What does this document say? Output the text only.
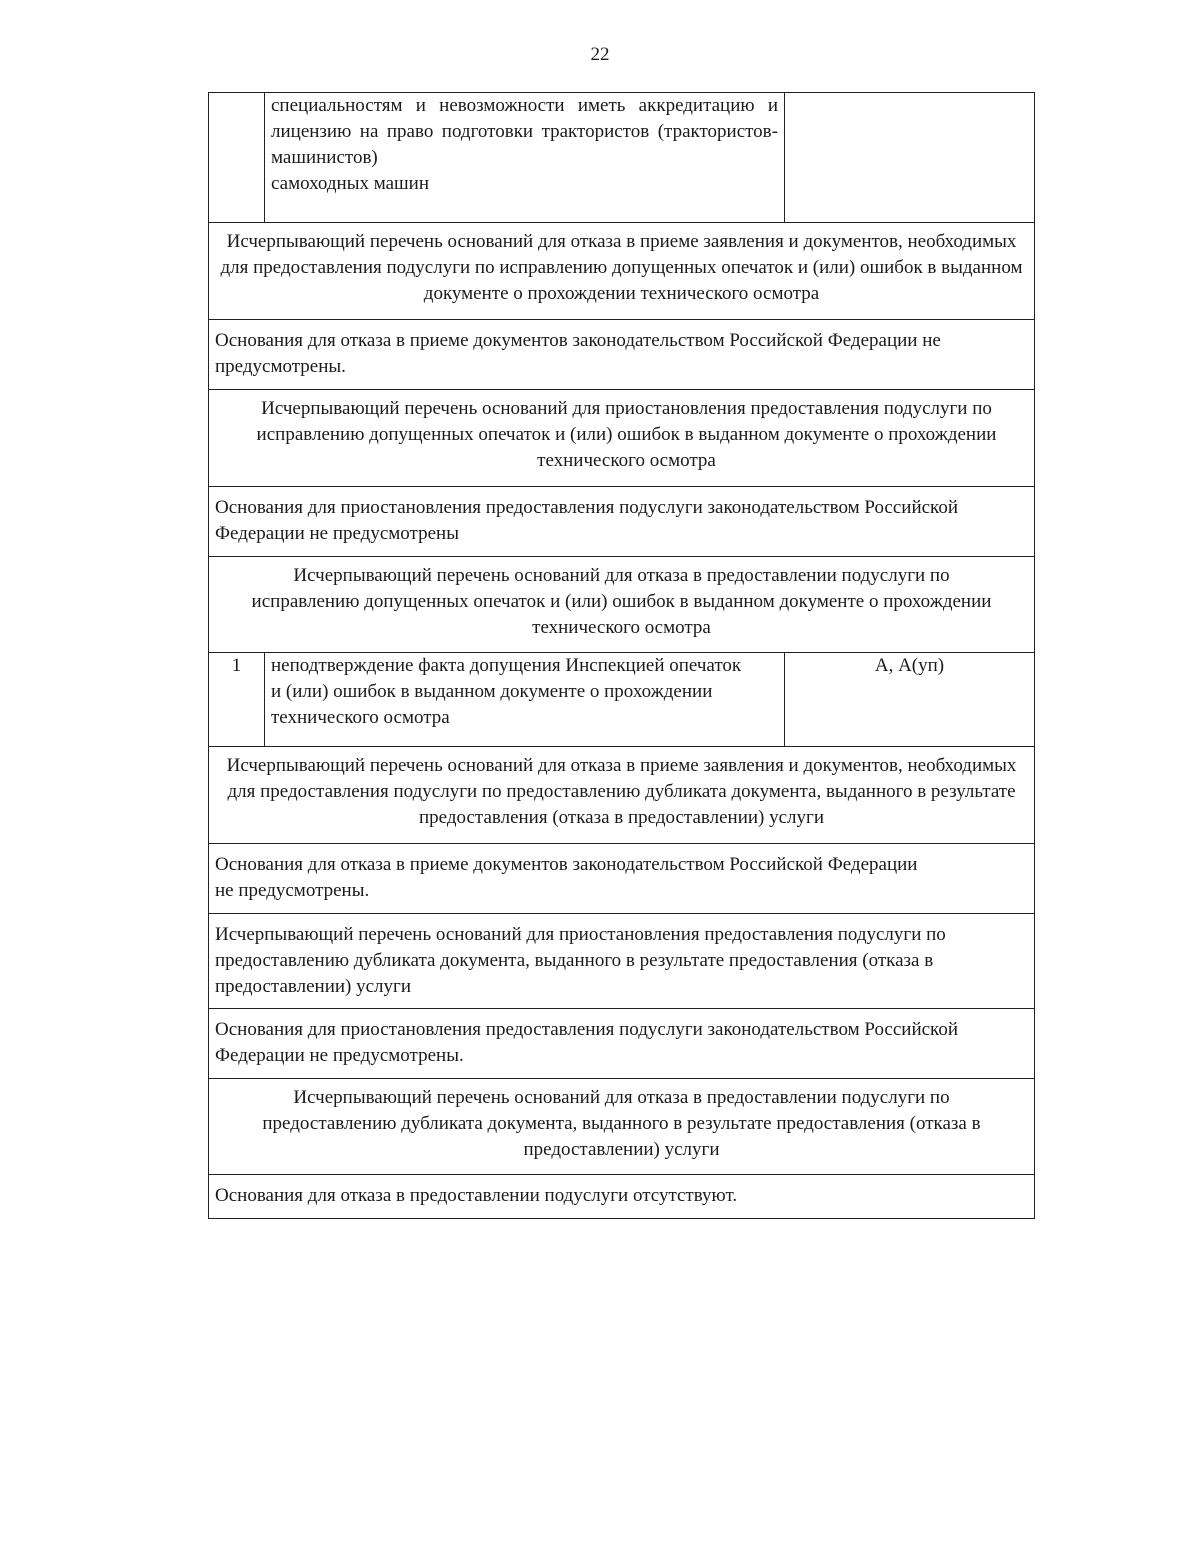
22
	специальностям и невозможности иметь аккредитацию и лицензию на право подготовки трактористов (трактористов-машинистов)
самоходных машин	

Исчерпывающий перечень оснований для отказа в приеме заявления и документов, необходимых для предоставления подуслуги по исправлению допущенных опечаток и (или) ошибок в выданном документе о прохождении технического осмотра		
Основания для отказа в приеме документов законодательством Российской Федерации не предусмотрены.		
Исчерпывающий перечень оснований для приостановления предоставления подуслуги по исправлению допущенных опечаток и (или) ошибок в выданном документе о прохождении технического осмотра		
Основания для приостановления предоставления подуслуги законодательством Российской Федерации не предусмотрены		
Исчерпывающий перечень оснований для отказа в предоставлении подуслуги по исправлению допущенных опечаток и (или) ошибок в выданном документе о прохождении технического осмотра		
1	неподтверждение факта допущения Инспекцией опечаток и (или) ошибок в выданном документе о прохождении технического осмотра	А, А(уп)
Исчерпывающий перечень оснований для отказа в приеме заявления и документов, необходимых для предоставления подуслуги по предоставлению дубликата документа, выданного в результате предоставления (отказа в предоставлении) услуги		
Основания для отказа в приеме документов законодательством Российской Федерации не предусмотрены.		
Исчерпывающий перечень оснований для приостановления предоставления подуслуги по предоставлению дубликата документа, выданного в результате предоставления (отказа в предоставлении) услуги		
Основания для приостановления предоставления подуслуги законодательством Российской Федерации не предусмотрены.		
Исчерпывающий перечень оснований для отказа в предоставлении подуслуги по предоставлению дубликата документа, выданного в результате предоставления (отказа в предоставлении) услуги		
Основания для отказа в предоставлении подуслуги отсутствуют.		
